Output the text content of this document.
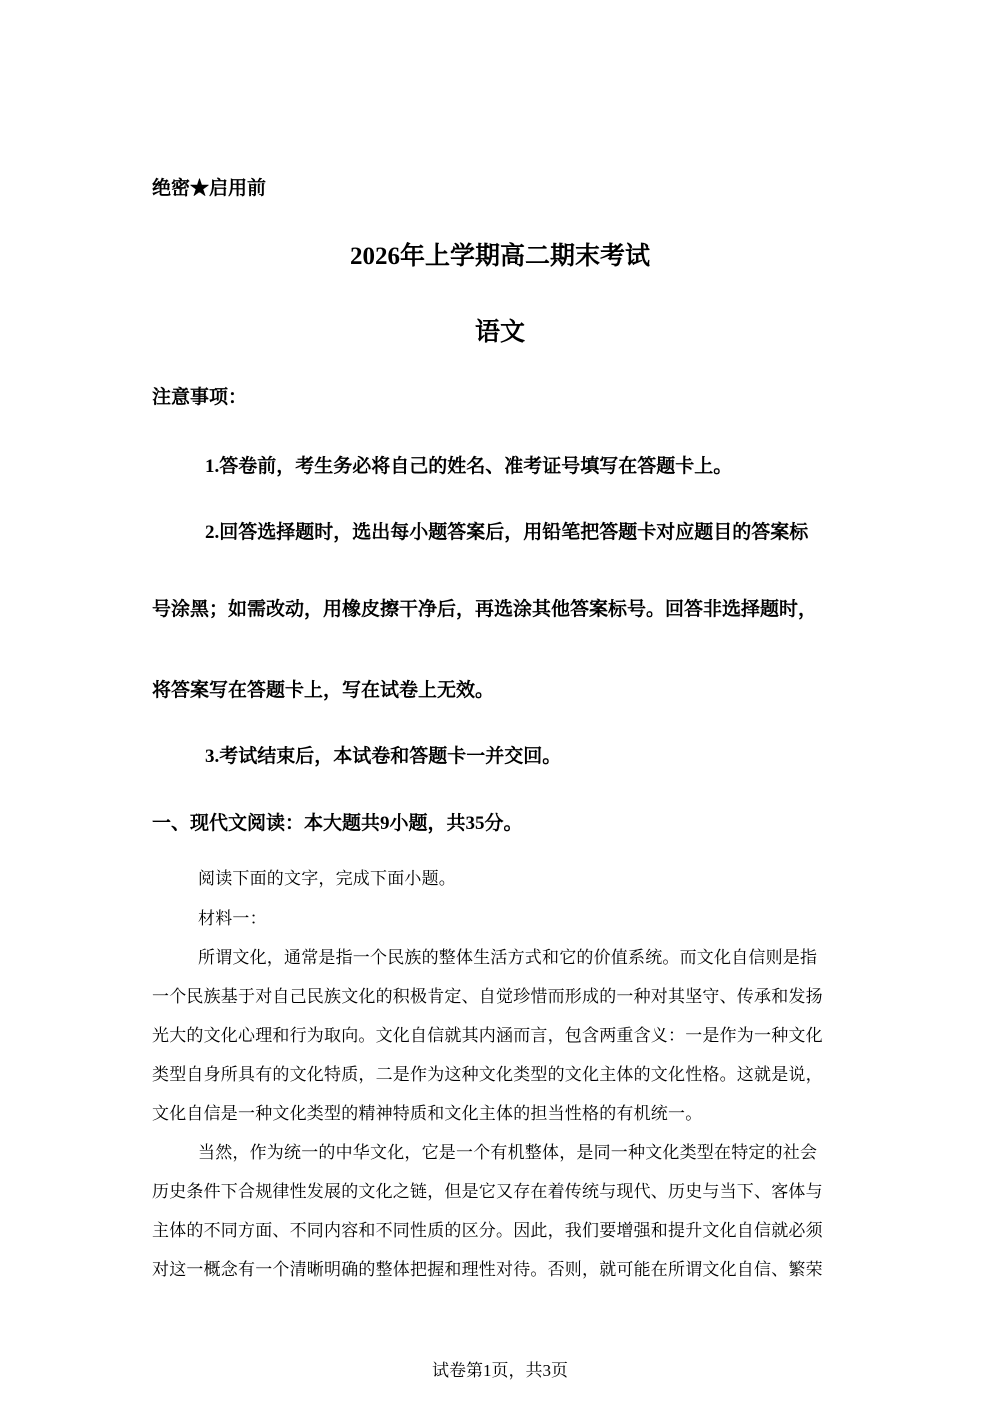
绝密★启用前
2026年上学期高二期末考试
语文
注意事项：
1.答卷前，考生务必将自己的姓名、准考证号填写在答题卡上。
2.回答选择题时，选出每小题答案后，用铅笔把答题卡对应题目的答案标
号涂黑；如需改动，用橡皮擦干净后，再选涂其他答案标号。回答非选择题时，
将答案写在答题卡上，写在试卷上无效。
3.考试结束后，本试卷和答题卡一并交回。
一、现代文阅读：本大题共9小题，共35分。
阅读下面的文字，完成下面小题。
材料一：
所谓文化，通常是指一个民族的整体生活方式和它的价值系统。而文化自信则是指
一个民族基于对自己民族文化的积极肯定、自觉珍惜而形成的一种对其坚守、传承和发扬
光大的文化心理和行为取向。文化自信就其内涵而言，包含两重含义：一是作为一种文化
类型自身所具有的文化特质，二是作为这种文化类型的文化主体的文化性格。这就是说，
文化自信是一种文化类型的精神特质和文化主体的担当性格的有机统一。
当然，作为统一的中华文化，它是一个有机整体，是同一种文化类型在特定的社会
历史条件下合规律性发展的文化之链，但是它又存在着传统与现代、历史与当下、客体与
主体的不同方面、不同内容和不同性质的区分。因此，我们要增强和提升文化自信就必须
对这一概念有一个清晰明确的整体把握和理性对待。否则，就可能在所谓文化自信、繁荣
试卷第1页，共3页
